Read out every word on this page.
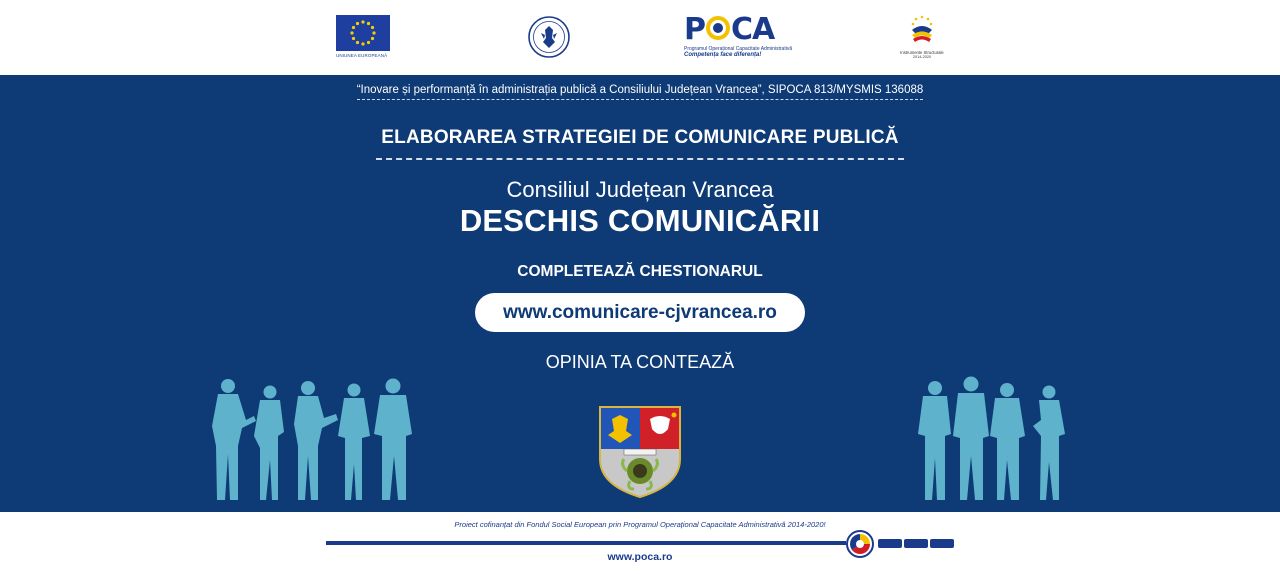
UNIUNEA EUROPEANĂ
P CA
Programul Operațional Capacitate Administrativă
Competența face diferența!	Instrumente Structurale
2014-2020
“Inovare și performanță în administrația publică a Consiliului Județean Vrancea”, SIPOCA 813/MYSMIS 136088
ELABORAREA STRATEGIEI DE COMUNICARE PUBLICĂ
Consiliul Județean Vrancea
DESCHIS COMUNICĂRII
COMPLETEAZĂ CHESTIONARUL
www.comunicare-cjvrancea.ro
OPINIA TA CONTEAZĂ
Proiect cofinanțat din Fondul Social European prin Programul Operațional Capacitate Administrativă 2014-2020!
www.poca.ro
